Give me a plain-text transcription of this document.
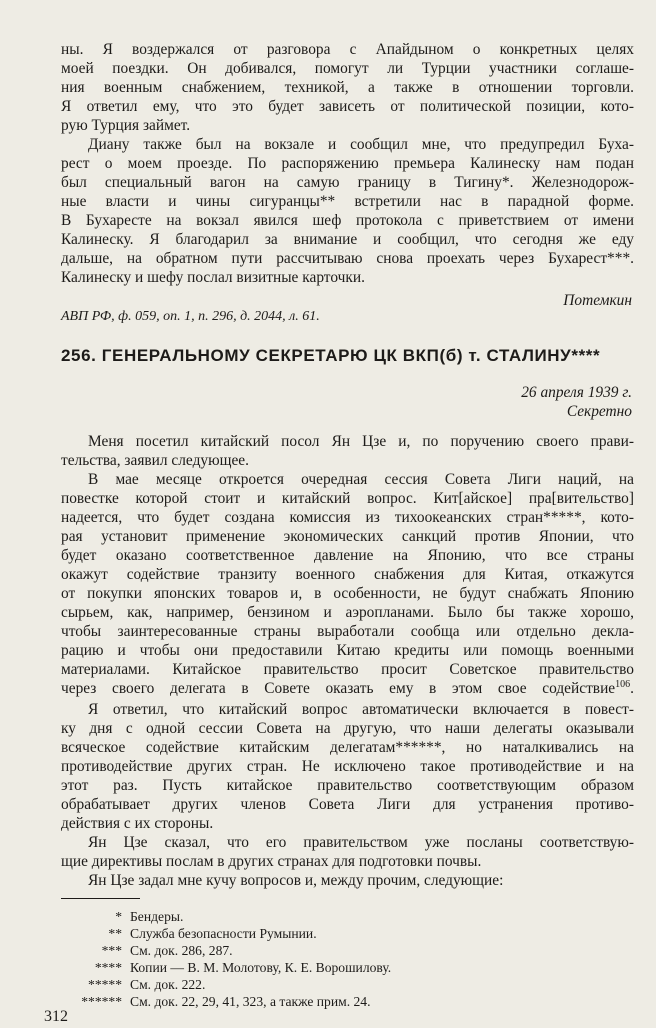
ны. Я воздержался от разговора с Апайдыном о конкретных целях
моей поездки. Он добивался, помогут ли Турции участники соглаше-
ния военным снабжением, техникой, а также в отношении торговли.
Я ответил ему, что это будет зависеть от политической позиции, кото-
рую Турция займет.
Диану также был на вокзале и сообщил мне, что предупредил Буха-
рест о моем проезде. По распоряжению премьера Калинеску нам подан
был специальный вагон на самую границу в Тигину*. Железнодорож-
ные власти и чины сигуранцы** встретили нас в парадной форме.
В Бухаресте на вокзал явился шеф протокола с приветствием от имени
Калинеску. Я благодарил за внимание и сообщил, что сегодня же еду
дальше, на обратном пути рассчитываю снова проехать через Бухарест***.
Калинеску и шефу послал визитные карточки.
Потемкин
АВП РФ, ф. 059, оп. 1, п. 296, д. 2044, л. 61.
256. ГЕНЕРАЛЬНОМУ СЕКРЕТАРЮ ЦК ВКП(б) т. СТАЛИНУ****
26 апреля 1939 г.
Секретно
Меня посетил китайский посол Ян Цзе и, по поручению своего прави-
тельства, заявил следующее.
В мае месяце откроется очередная сессия Совета Лиги наций, на
повестке которой стоит и китайский вопрос. Кит[айское] пра[вительство]
надеется, что будет создана комиссия из тихоокеанских стран*****, кото-
рая установит применение экономических санкций против Японии, что
будет оказано соответственное давление на Японию, что все страны
окажут содействие транзиту военного снабжения для Китая, откажутся
от покупки японских товаров и, в особенности, не будут снабжать Японию
сырьем, как, например, бензином и аэропланами. Было бы также хорошо,
чтобы заинтересованные страны выработали сообща или отдельно декла-
рацию и чтобы они предоставили Китаю кредиты или помощь военными
материалами. Китайское правительство просит Советское правительство
через своего делегата в Совете оказать ему в этом свое содействие$^{106}$.
Я ответил, что китайский вопрос автоматически включается в повест-
ку дня с одной сессии Совета на другую, что наши делегаты оказывали
всяческое содействие китайским делегатам******, но наталкивались на
противодействие других стран. Не исключено такое противодействие и на
этот раз. Пусть китайское правительство соответствующим образом
обрабатывает других членов Совета Лиги для устранения противо-
действия с их стороны.
Ян Цзе сказал, что его правительством уже посланы соответствую-
щие директивы послам в других странах для подготовки почвы.
Ян Цзе задал мне кучу вопросов и, между прочим, следующие:
* Бендеры.
** Служба безопасности Румынии.
*** См. док. 286, 287.
**** Копии — В. М. Молотову, К. Е. Ворошилову.
***** См. док. 222.
****** См. док. 22, 29, 41, 323, а также прим. 24.
312
